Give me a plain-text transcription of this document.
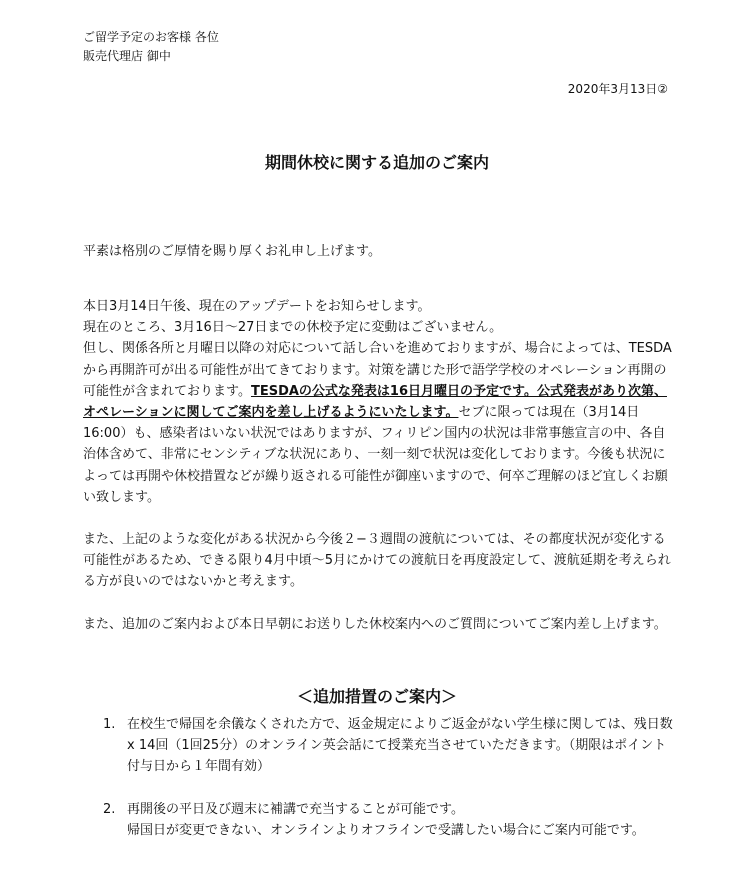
ご留学予定のお客様 各位
販売代理店 御中
2020年3月13日②
期間休校に関する追加のご案内
平素は格別のご厚情を賜り厚くお礼申し上げます。

本日3月14日午後、現在のアップデートをお知らせします。

現在のところ、3月16日〜27日までの休校予定に変動はございません。

但し、関係各所と月曜日以降の対応について話し合いを進めておりますが、場合によっては、TESDAから再開許可が出る可能性が出てきております。対策を講じた形で語学学校のオペレーション再開の可能性が含まれております。TESDAの公式な発表は16日月曜日の予定です。公式発表があり次第、オペレーションに関してご案内を差し上げるようにいたします。セブに限っては現在（3月14日 16:00）も、感染者はいない状況ではありますが、フィリピン国内の状況は非常事態宣言の中、各自治体含めて、非常にセンシティブな状況にあり、一刻一刻で状況は変化しております。今後も状況によっては再開や休校措置などが繰り返される可能性が御座いますので、何卒ご理解のほど宜しくお願い致します。

また、上記のような変化がある状況から今後２−３週間の渡航については、その都度状況が変化する可能性があるため、できる限り4月中頃〜5月にかけての渡航日を再度設定して、渡航延期を考えられる方が良いのではないかと考えます。

また、追加のご案内および本日早朝にお送りした休校案内へのご質問についてご案内差し上げます。

＜追加措置のご案内＞
1. 在校生で帰国を余儀なくされた方で、返金規定によりご返金がない学生様に関しては、残日数 x 14回（1回25分）のオンライン英会話にて授業充当させていただきます。（期限はポイント付与日から１年間有効）
2. 再開後の平日及び週末に補講で充当することが可能です。
帰国日が変更できない、オンラインよりオフラインで受講したい場合にご案内可能です。
